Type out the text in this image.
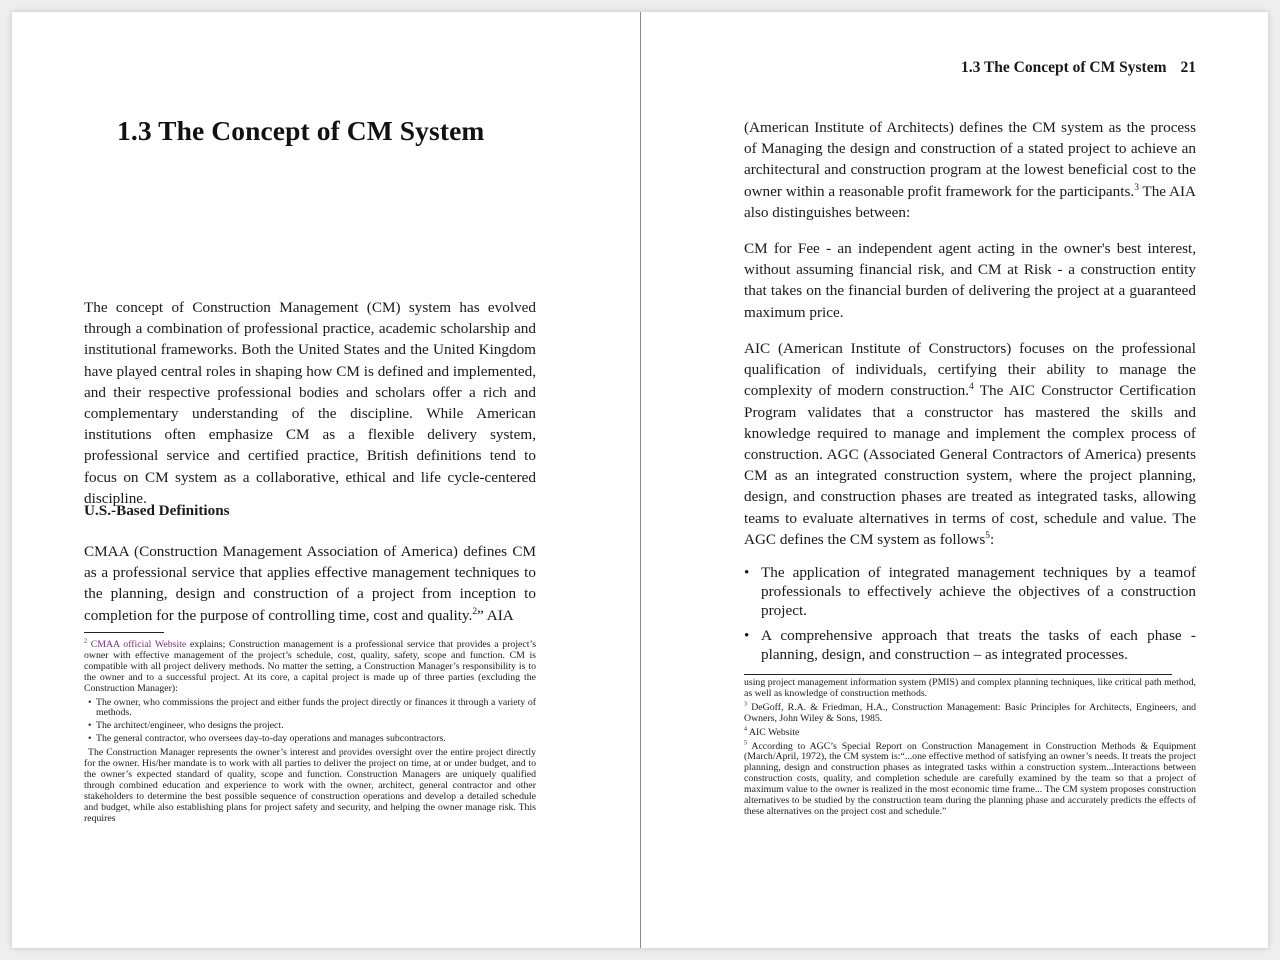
1.3 The Concept of CM System

The concept of Construction Management (CM) system has evolved through a combination of professional practice, academic scholarship and institutional frameworks. Both the United States and the United Kingdom have played central roles in shaping how CM is defined and implemented, and their respective professional bodies and scholars offer a rich and complementary understanding of the discipline. While American institutions often emphasize CM as a flexible delivery system, professional service and certified practice, British definitions tend to focus on CM system as a collaborative, ethical and life cycle-centered discipline.

U.S.-Based Definitions

CMAA (Construction Management Association of America) defines CM as a professional service that applies effective management techniques to the planning, design and construction of a project from inception to completion for the purpose of controlling time, cost and quality.$^2$” AIA

$^2$ CMAA official Website explains; Construction management is a professional service that provides a project’s owner with effective management of the project’s schedule, cost, quality, safety, scope and function. CM is compatible with all project delivery methods. No matter the setting, a Construction Manager’s responsibility is to the owner and to a successful project. At its core, a capital project is made up of three parties (excluding the Construction Manager):

• The owner, who commissions the project and either funds the project directly or finances it through a variety of methods.
• The architect/engineer, who designs the project.
• The general contractor, who oversees day-to-day operations and manages subcontractors.

The Construction Manager represents the owner’s interest and provides oversight over the entire project directly for the owner. His/her mandate is to work with all parties to deliver the project on time, at or under budget, and to the owner’s expected standard of quality, scope and function. Construction Managers are uniquely qualified through combined education and experience to work with the owner, architect, general contractor and other stakeholders to determine the best possible sequence of construction operations and develop a detailed schedule and budget, while also establishing plans for project safety and security, and helping the owner manage risk. This requires

1.3 The Concept of CM System 21

(American Institute of Architects) defines the CM system as the process of Managing the design and construction of a stated project to achieve an architectural and construction program at the lowest beneficial cost to the owner within a reasonable profit framework for the participants.$^3$ The AIA also distinguishes between:

CM for Fee - an independent agent acting in the owner's best interest, without assuming financial risk, and CM at Risk - a construction entity that takes on the financial burden of delivering the project at a guaranteed maximum price.

AIC (American Institute of Constructors) focuses on the professional qualification of individuals, certifying their ability to manage the complexity of modern construction.$^4$ The AIC Constructor Certification Program validates that a constructor has mastered the skills and knowledge required to manage and implement the complex process of construction. AGC (Associated General Contractors of America) presents CM as an integrated construction system, where the project planning, design, and construction phases are treated as integrated tasks, allowing teams to evaluate alternatives in terms of cost, schedule and value. The AGC defines the CM system as follows$^5$:

• The application of integrated management techniques by a teamof professionals to effectively achieve the objectives of a construction project.
• A comprehensive approach that treats the tasks of each phase -planning, design, and construction – as integrated processes.

using project management information system (PMIS) and complex planning techniques, like critical path method, as well as knowledge of construction methods.

$^3$ DeGoff, R.A. & Friedman, H.A., Construction Management: Basic Principles for Architects, Engineers, and Owners, John Wiley & Sons, 1985.

$^4$ AIC Website

$^5$ According to AGC’s Special Report on Construction Management in Construction Methods & Equipment (March/April, 1972), the CM system is:“...one effective method of satisfying an owner’s needs. It treats the project planning, design and construction phases as integrated tasks within a construction system...Interactions between construction costs, quality, and completion schedule are carefully examined by the team so that a project of maximum value to the owner is realized in the most economic time frame... The CM system proposes construction alternatives to be studied by the construction team during the planning phase and accurately predicts the effects of these alternatives on the project cost and schedule.”
